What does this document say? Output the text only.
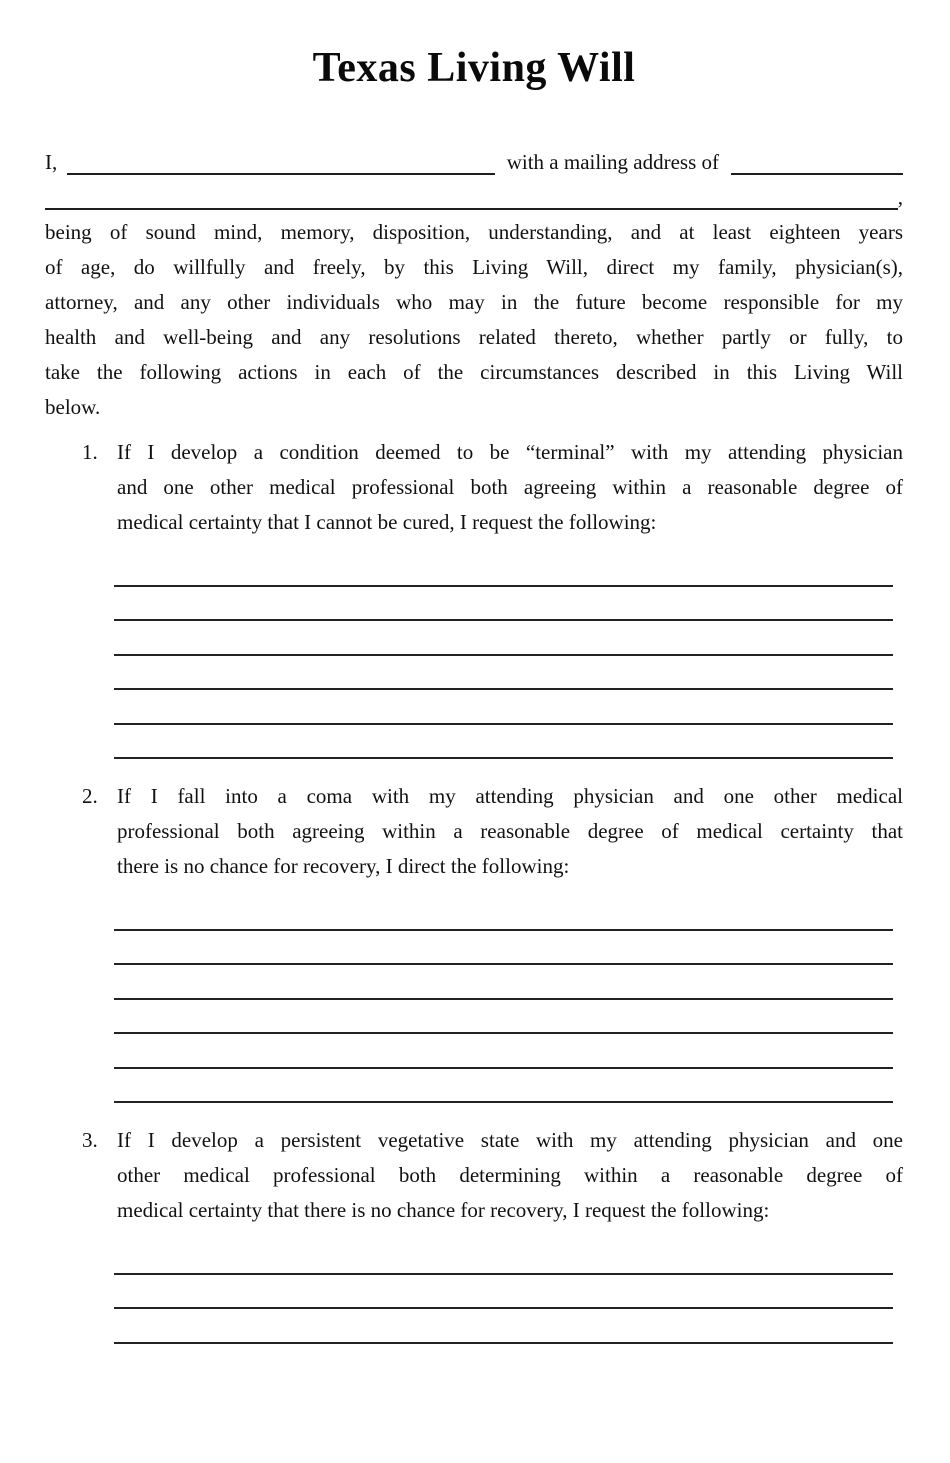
Texas Living Will
I,	with a mailing address of
,
being of sound mind, memory, disposition, understanding, and at least eighteen years
of age, do willfully and freely, by this Living Will, direct my family, physician(s),
attorney, and any other individuals who may in the future become responsible for my
health and well-being and any resolutions related thereto, whether partly or fully, to
take the following actions in each of the circumstances described in this Living Will
below.
1. If I develop a condition deemed to be “terminal” with my attending physician
and one other medical professional both agreeing within a reasonable degree of
medical certainty that I cannot be cured, I request the following:
2. If I fall into a coma with my attending physician and one other medical
professional both agreeing within a reasonable degree of medical certainty that
there is no chance for recovery, I direct the following:
3. If I develop a persistent vegetative state with my attending physician and one
other medical professional both determining within a reasonable degree of
medical certainty that there is no chance for recovery, I request the following:
